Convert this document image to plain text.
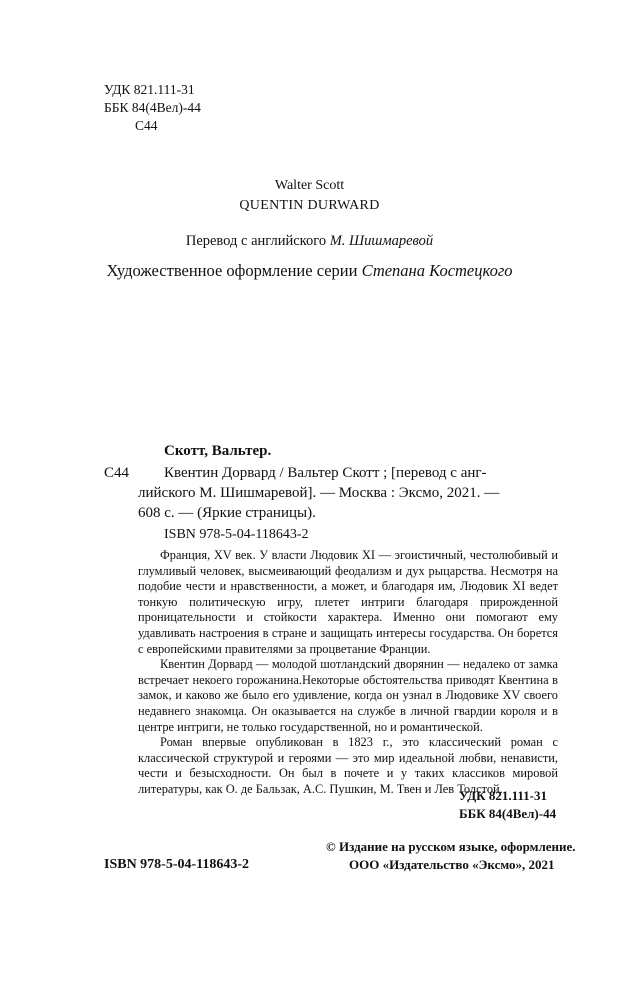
УДК 821.111-31
ББК 84(4Вел)-44
С44
Walter Scott
QUENTIN DURWARD
Перевод с английского М. Шишмаревой
Художественное оформление серии Степана Костецкого
Скотт, Вальтер.
С44 Квентин Дорвард / Вальтер Скотт ; [перевод с анг-
лийского М. Шишмаревой]. — Москва : Эксмо, 2021. —
608 с. — (Яркие страницы).
ISBN 978-5-04-118643-2

Франция, XV век. У власти Людовик XI — эгоистичный, честолюбивый и глумливый человек, высмеивающий феодализм и дух рыцарства. Несмотря на подобие чести и нравственности, а может, и благодаря им, Людовик XI ведет тонкую политическую игру, плетет интриги благодаря прирожденной проницательности и стойкости характера. Именно они помогают ему удавливать настроения в стране и защищать интересы государства. Он борется с европейскими правителями за процветание Франции.

Квентин Дорвард — молодой шотландский дворянин — недалеко от замка встречает некоего горожанина.Некоторые обстоятельства приводят Квентина в замок, и каково же было его удивление, когда он узнал в Людовике XV своего недавнего знакомца. Он оказывается на службе в личной гвардии короля и в центре интриги, не только государственной, но и романтической.

Роман впервые опубликован в 1823 г., это классический роман с классической структурой и героями — это мир идеальной любви, ненависти, чести и безысходности. Он был в почете и у таких классиков мировой литературы, как О. де Бальзак, А.С. Пушкин, М. Твен и Лев Толстой.

УДК 821.111-31
ББК 84(4Вел)-44
ISBN 978-5-04-118643-2
© Издание на русском языке, оформление.
ООО «Издательство «Эксмо», 2021
